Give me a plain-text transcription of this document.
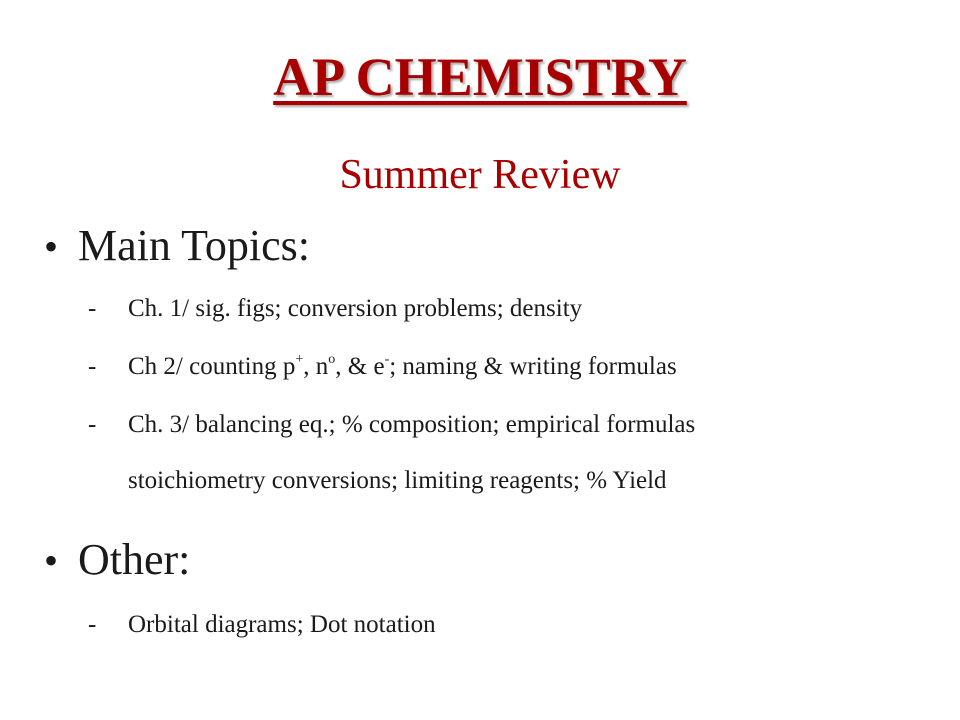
AP CHEMISTRY
Summer Review
• Main Topics:
- Ch. 1/ sig. figs; conversion problems; density
- Ch 2/ counting p+, $n^o$, & e-; naming & writing formulas
- Ch. 3/ balancing eq.; % composition; empirical formulas
stoichiometry conversions; limiting reagents; % Yield
• Other:
- Orbital diagrams; Dot notation
